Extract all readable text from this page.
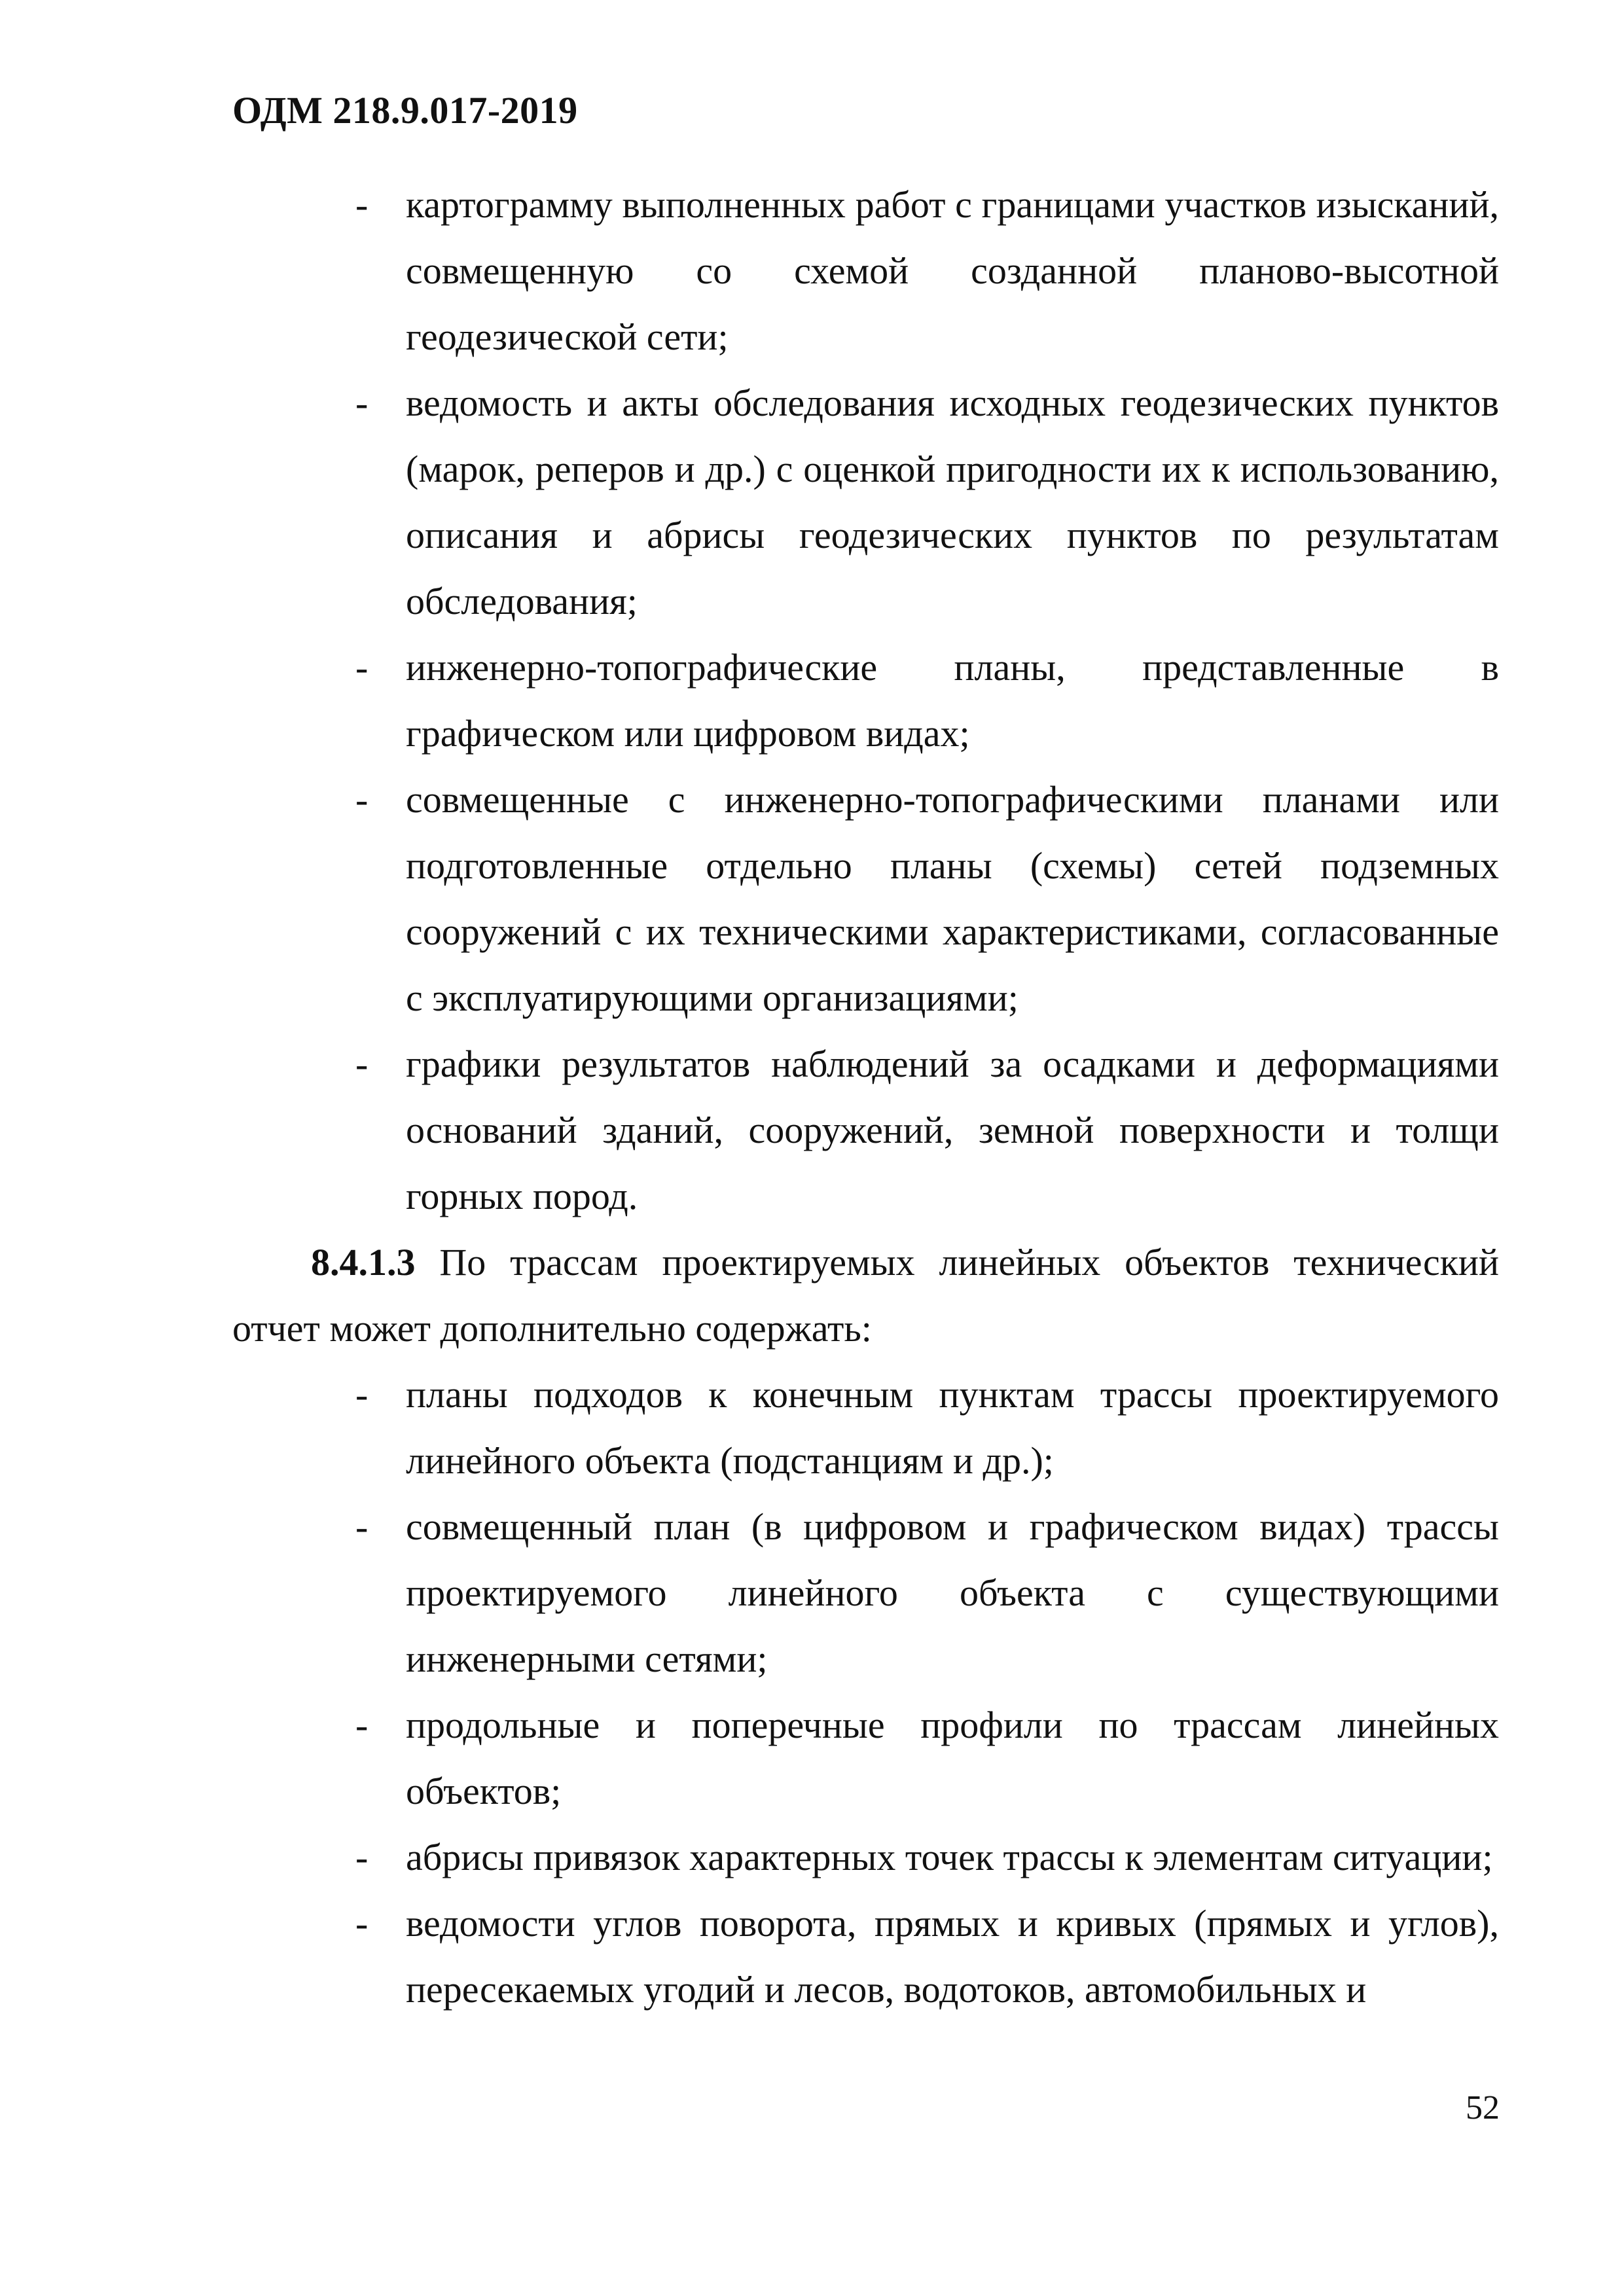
ОДМ 218.9.017-2019
- картограмму выполненных работ с границами участков изысканий, совмещенную со схемой созданной планово-высотной геодезической сети;
- ведомость и акты обследования исходных геодезических пунктов (марок, реперов и др.) с оценкой пригодности их к использованию, описания и абрисы геодезических пунктов по результатам обследования;
- инженерно-топографические планы, представленные в графическом или цифровом видах;
- совмещенные с инженерно-топографическими планами или подготовленные отдельно планы (схемы) сетей подземных сооружений с их техническими характеристиками, согласованные с эксплуатирующими организациями;
- графики результатов наблюдений за осадками и деформациями оснований зданий, сооружений, земной поверхности и толщи горных пород.

8.4.1.3 По трассам проектируемых линейных объектов технический отчет может дополнительно содержать:

- планы подходов к конечным пунктам трассы проектируемого линейного объекта (подстанциям и др.);
- совмещенный план (в цифровом и графическом видах) трассы проектируемого линейного объекта с существующими инженерными сетями;
- продольные и поперечные профили по трассам линейных объектов;
- абрисы привязок характерных точек трассы к элементам ситуации;
- ведомости углов поворота, прямых и кривых (прямых и углов), пересекаемых угодий и лесов, водотоков, автомобильных и
52
